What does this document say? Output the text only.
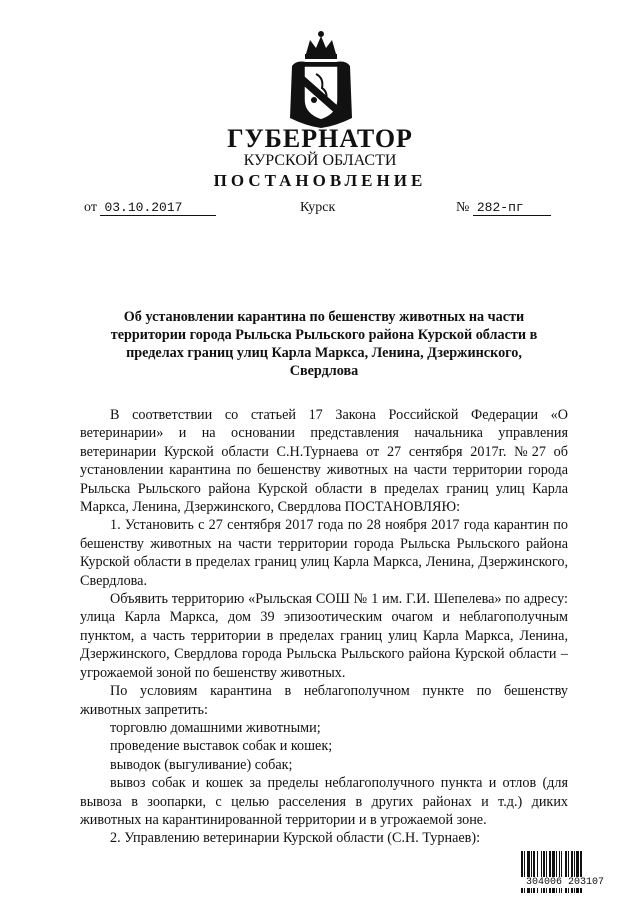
ГУБЕРНАТОР
КУРСКОЙ ОБЛАСТИ
ПОСТАНОВЛЕНИЕ
от 03.10.2017	Курск	№ 282-пг
Об установлении карантина по бешенству животных на части территории города Рыльска Рыльского района Курской области в пределах границ улиц Карла Маркса, Ленина, Дзержинского, Свердлова

В соответствии со статьей 17 Закона Российской Федерации «О ветеринарии» и на основании представления начальника управления ветеринарии Курской области С.Н.Турнаева от 27 сентября 2017г. №27 об установлении карантина по бешенству животных на части территории города Рыльска Рыльского района Курской области в пределах границ улиц Карла Маркса, Ленина, Дзержинского, Свердлова ПОСТАНОВЛЯЮ:

1. Установить с 27 сентября 2017 года по 28 ноября 2017 года карантин по бешенству животных на части территории города Рыльска Рыльского района Курской области в пределах границ улиц Карла Маркса, Ленина, Дзержинского, Свердлова.

Объявить территорию «Рыльская СОШ № 1 им. Г.И. Шепелева» по адресу: улица Карла Маркса, дом 39 эпизоотическим очагом и неблагополучным пунктом, а часть территории в пределах границ улиц Карла Маркса, Ленина, Дзержинского, Свердлова города Рыльска Рыльского района Курской области – угрожаемой зоной по бешенству животных.

По условиям карантина в неблагополучном пункте по бешенству животных запретить:

торговлю домашними животными;

проведение выставок собак и кошек;

выводок (выгуливание) собак;

вывоз собак и кошек за пределы неблагополучного пункта и отлов (для вывоза в зоопарки, с целью расселения в других районах и т.д.) диких животных на карантинированной территории и в угрожаемой зоне.

2. Управлению ветеринарии Курской области (С.Н. Турнаев):

304006 203107
